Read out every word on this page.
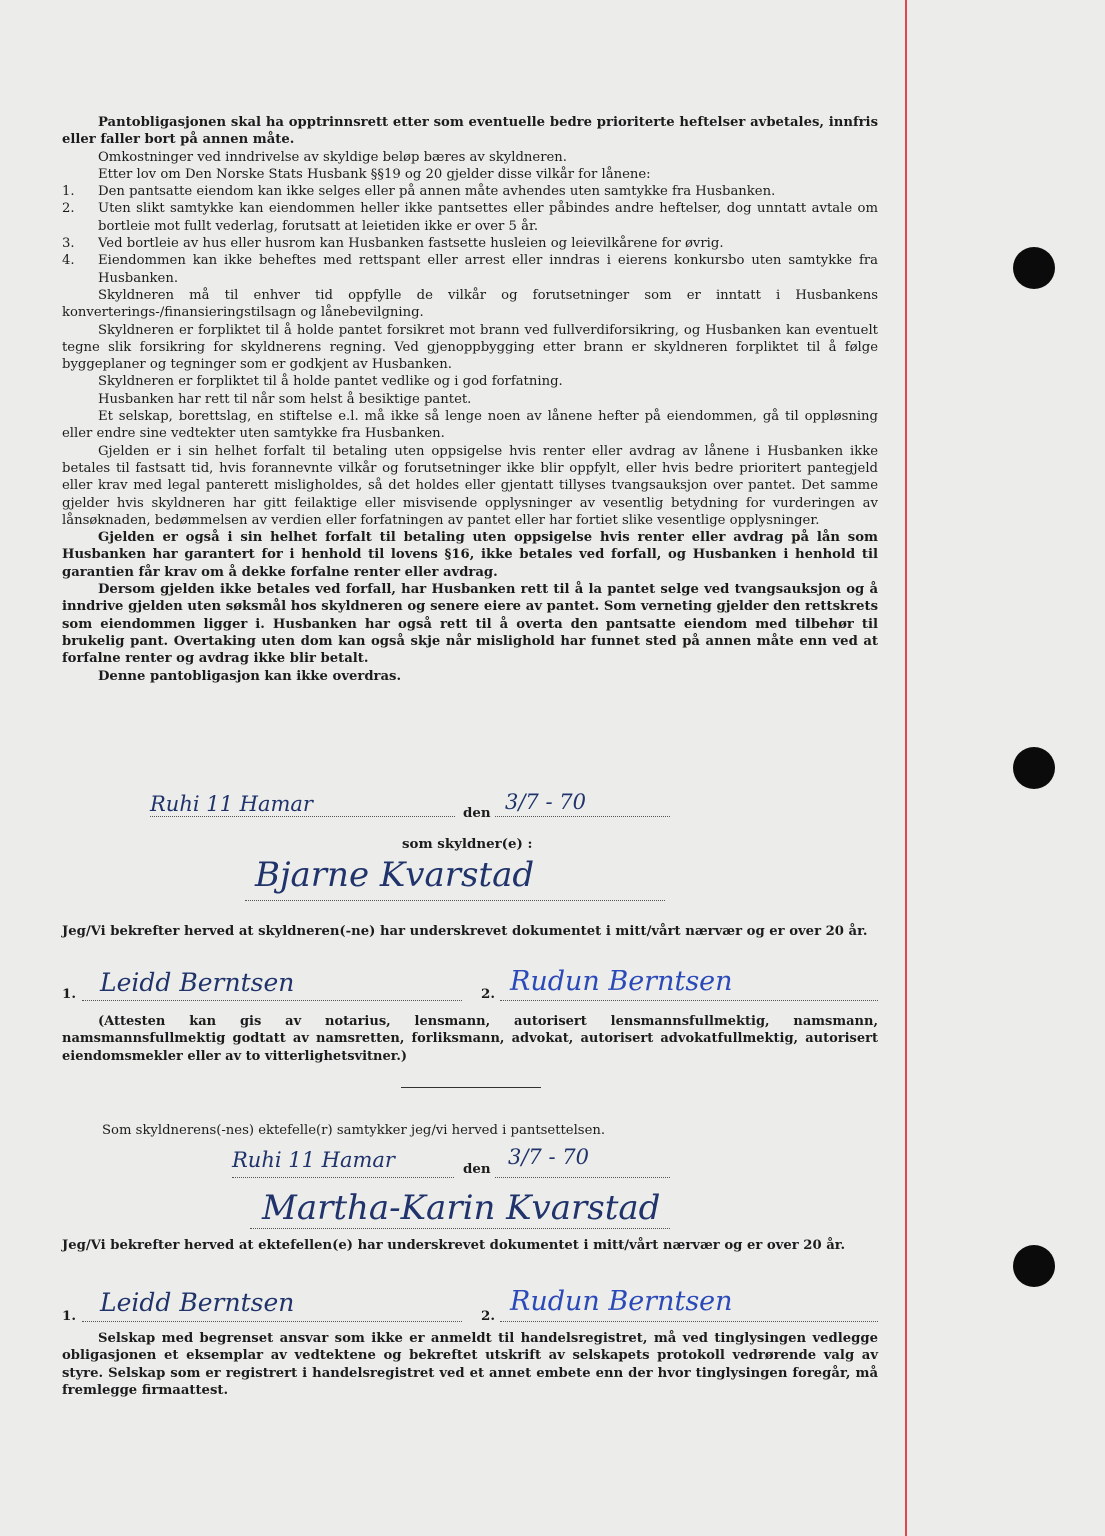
Pantobligasjonen skal ha opptrinnsrett etter som eventuelle bedre prioriterte heftelser avbetales, innfris eller faller bort på annen måte.

Omkostninger ved inndrivelse av skyldige beløp bæres av skyldneren.

Etter lov om Den Norske Stats Husbank §§19 og 20 gjelder disse vilkår for lånene:

1.	Den pantsatte eiendom kan ikke selges eller på annen måte avhendes uten samtykke fra Husbanken.
2.	Uten slikt samtykke kan eiendommen heller ikke pantsettes eller påbindes andre heftelser, dog unntatt avtale om bortleie mot fullt vederlag, forutsatt at leietiden ikke er over 5 år.
3.	Ved bortleie av hus eller husrom kan Husbanken fastsette husleien og leievilkårene for øvrig.
4.	Eiendommen kan ikke beheftes med rettspant eller arrest eller inndras i eierens konkursbo uten samtykke fra Husbanken.

Skyldneren må til enhver tid oppfylle de vilkår og forutsetninger som er inntatt i Husbankens konverterings-/finansieringstilsagn og lånebevilgning.

Skyldneren er forpliktet til å holde pantet forsikret mot brann ved fullverdiforsikring, og Husbanken kan eventuelt tegne slik forsikring for skyldnerens regning. Ved gjenoppbygging etter brann er skyldneren forpliktet til å følge byggeplaner og tegninger som er godkjent av Husbanken.

Skyldneren er forpliktet til å holde pantet vedlike og i god forfatning.

Husbanken har rett til når som helst å besiktige pantet.

Et selskap, borettslag, en stiftelse e.l. må ikke så lenge noen av lånene hefter på eiendommen, gå til oppløsning eller endre sine vedtekter uten samtykke fra Husbanken.

Gjelden er i sin helhet forfalt til betaling uten oppsigelse hvis renter eller avdrag av lånene i Husbanken ikke betales til fastsatt tid, hvis forannevnte vilkår og forutsetninger ikke blir oppfylt, eller hvis bedre prioritert pantegjeld eller krav med legal panterett misligholdes, så det holdes eller gjentatt tillyses tvangsauksjon over pantet. Det samme gjelder hvis skyldneren har gitt feilaktige eller misvisende opplysninger av vesentlig betydning for vurderingen av lånsøknaden, bedømmelsen av verdien eller forfatningen av pantet eller har fortiet slike vesentlige opplysninger.

Gjelden er også i sin helhet forfalt til betaling uten oppsigelse hvis renter eller avdrag på lån som Husbanken har garantert for i henhold til lovens §16, ikke betales ved forfall, og Husbanken i henhold til garantien får krav om å dekke forfalne renter eller avdrag.

Dersom gjelden ikke betales ved forfall, har Husbanken rett til å la pantet selge ved tvangsauksjon og å inndrive gjelden uten søksmål hos skyldneren og senere eiere av pantet. Som verneting gjelder den rettskrets som eiendommen ligger i. Husbanken har også rett til å overta den pantsatte eiendom med tilbehør til brukelig pant. Overtaking uten dom kan også skje når mislighold har funnet sted på annen måte enn ved at forfalne renter og avdrag ikke blir betalt.

Denne pantobligasjon kan ikke overdras.

Ruhi 11 Hamar	den 3/7 - 70
som skyldner(e) :
Bjarne Kvarstad

Jeg/Vi bekrefter herved at skyldneren(-ne) har underskrevet dokumentet i mitt/vårt nærvær og er over 20 år.

1. Leidd Berntsen	2. Rudun Berntsen

(Attesten kan gis av notarius, lensmann, autorisert lensmannsfullmektig, namsmann, namsmannsfullmektig godtatt av namsretten, forliksmann, advokat, autorisert advokatfullmektig, autorisert eiendomsmekler eller av to vitterlighetsvitner.)

Som skyldnerens(-nes) ektefelle(r) samtykker jeg/vi herved i pantsettelsen.

Ruhi 11 Hamar	den 3/7 - 70
Martha-Karin Kvarstad

Jeg/Vi bekrefter herved at ektefellen(e) har underskrevet dokumentet i mitt/vårt nærvær og er over 20 år.

1. Leidd Berntsen	2. Rudun Berntsen

Selskap med begrenset ansvar som ikke er anmeldt til handelsregistret, må ved tinglysingen vedlegge obligasjonen et eksemplar av vedtektene og bekreftet utskrift av selskapets protokoll vedrørende valg av styre. Selskap som er registrert i handelsregistret ved et annet embete enn der hvor tinglysingen foregår, må fremlegge firmaattest.
